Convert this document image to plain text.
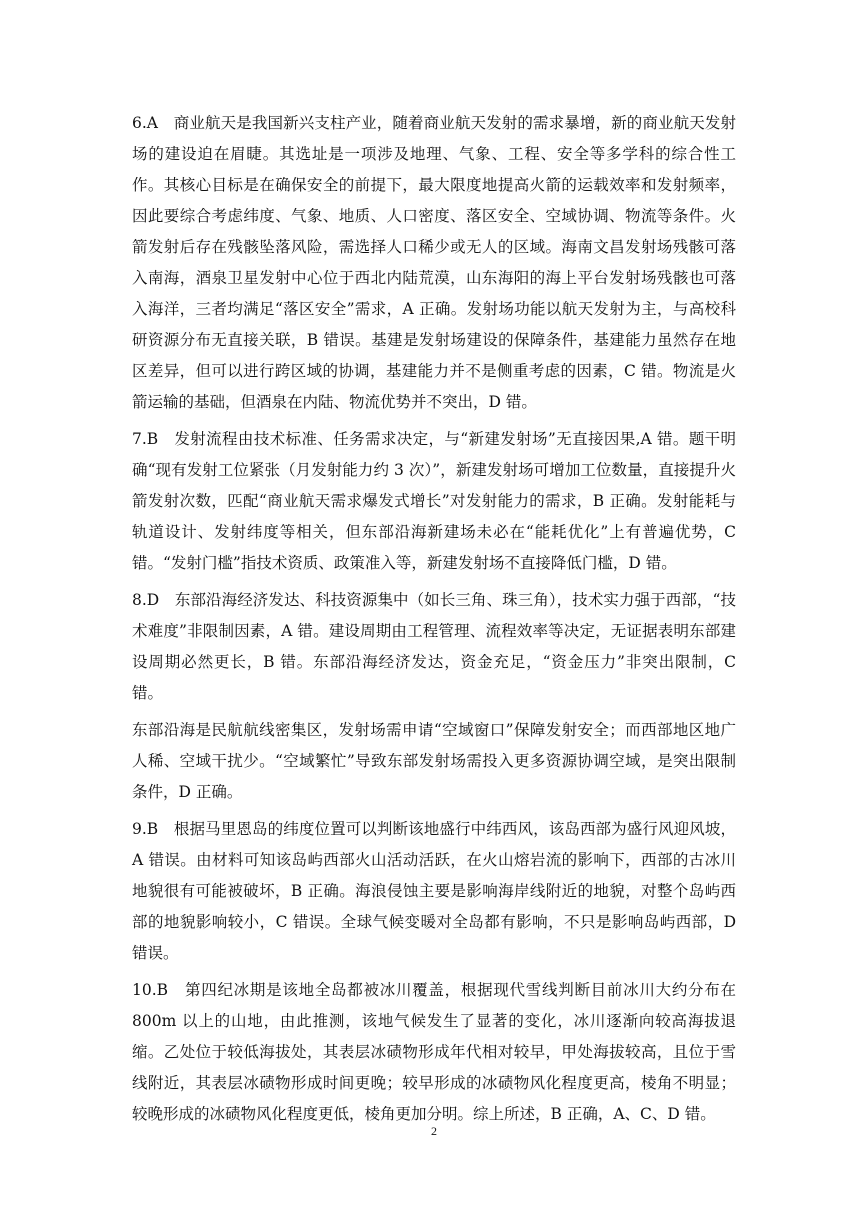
6.A　商业航天是我国新兴支柱产业，随着商业航天发射的需求暴增，新的商业航天发射场的建设迫在眉睫。其选址是一项涉及地理、气象、工程、安全等多学科的综合性工作。其核心目标是在确保安全的前提下，最大限度地提高火箭的运载效率和发射频率，因此要综合考虑纬度、气象、地质、人口密度、落区安全、空域协调、物流等条件。火箭发射后存在残骸坠落风险，需选择人口稀少或无人的区域。海南文昌发射场残骸可落入南海，酒泉卫星发射中心位于西北内陆荒漠，山东海阳的海上平台发射场残骸也可落入海洋，三者均满足“落区安全”需求，A 正确。发射场功能以航天发射为主，与高校科研资源分布无直接关联，B 错误。基建是发射场建设的保障条件，基建能力虽然存在地区差异，但可以进行跨区域的协调，基建能力并不是侧重考虑的因素，C 错。物流是火箭运输的基础，但酒泉在内陆、物流优势并不突出，D 错。

7.B　发射流程由技术标准、任务需求决定，与“新建发射场”无直接因果,A 错。题干明确“现有发射工位紧张（月发射能力约 3 次）”，新建发射场可增加工位数量，直接提升火箭发射次数，匹配“商业航天需求爆发式增长”对发射能力的需求，B 正确。发射能耗与轨道设计、发射纬度等相关，但东部沿海新建场未必在“能耗优化”上有普遍优势，C 错。“发射门槛”指技术资质、政策准入等，新建发射场不直接降低门槛，D 错。

8.D　东部沿海经济发达、科技资源集中（如长三角、珠三角），技术实力强于西部，“技术难度”非限制因素，A 错。建设周期由工程管理、流程效率等决定，无证据表明东部建设周期必然更长，B 错。东部沿海经济发达，资金充足，“资金压力”非突出限制，C 错。

东部沿海是民航航线密集区，发射场需申请“空域窗口”保障发射安全；而西部地区地广人稀、空域干扰少。“空域繁忙”导致东部发射场需投入更多资源协调空域，是突出限制条件，D 正确。

9.B　根据马里恩岛的纬度位置可以判断该地盛行中纬西风，该岛西部为盛行风迎风坡，A 错误。由材料可知该岛屿西部火山活动活跃，在火山熔岩流的影响下，西部的古冰川地貌很有可能被破坏，B 正确。海浪侵蚀主要是影响海岸线附近的地貌，对整个岛屿西部的地貌影响较小，C 错误。全球气候变暖对全岛都有影响，不只是影响岛屿西部，D 错误。

10.B　第四纪冰期是该地全岛都被冰川覆盖，根据现代雪线判断目前冰川大约分布在 800m 以上的山地，由此推测，该地气候发生了显著的变化，冰川逐渐向较高海拔退缩。乙处位于较低海拔处，其表层冰碛物形成年代相对较早，甲处海拔较高，且位于雪线附近，其表层冰碛物形成时间更晚；较早形成的冰碛物风化程度更高，棱角不明显；较晚形成的冰碛物风化程度更低，棱角更加分明。综上所述，B 正确，A、C、D 错。

2
